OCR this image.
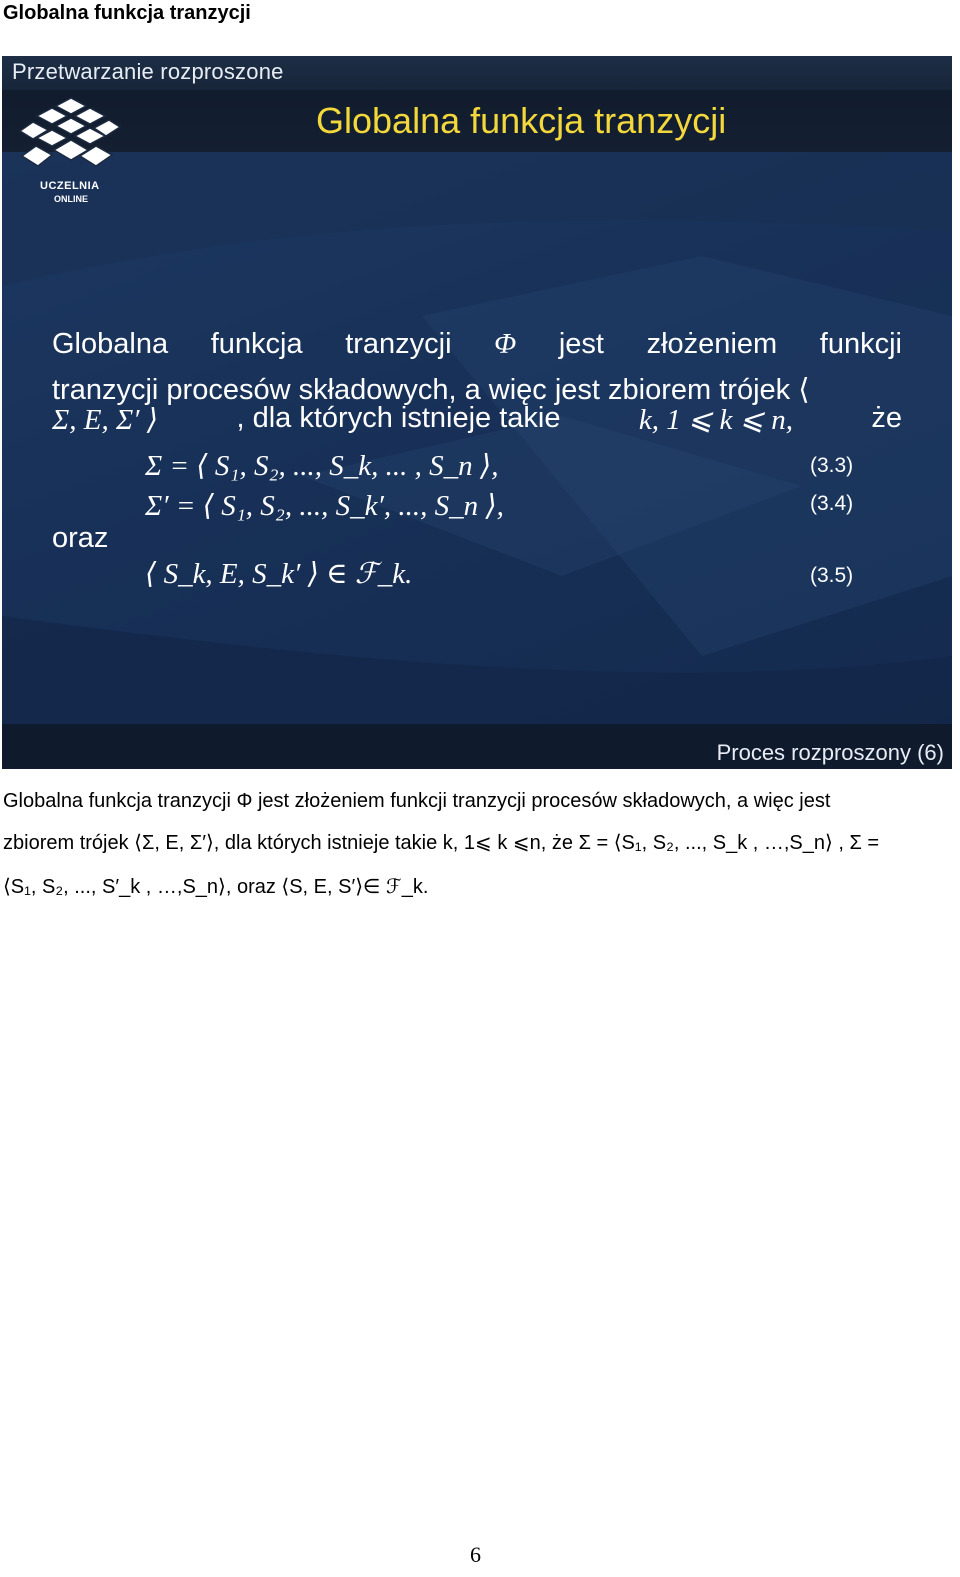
Globalna funkcja tranzycji
Przetwarzanie rozproszone
Globalna funkcja tranzycji
UCZELNIA
ONLINE
Globalna funkcja tranzycji Φ jest złożeniem funkcji
tranzycji procesów składowych, a więc jest zbiorem trójek ⟨
Σ, E, Σ′ ⟩	, dla których istnieje takie	k, 1 ⩽ k ⩽ n,	że
Σ = ⟨ S₁, S₂, ..., S_k, ... , S_n ⟩,	(3.3)
Σ′ = ⟨ S₁, S₂, ..., S_k′, ..., S_n ⟩,	(3.4)
oraz
⟨ S_k, E, S_k′ ⟩ ∈ ℱ_k.	(3.5)
Proces rozproszony (6)
Globalna funkcja tranzycji Φ jest złożeniem funkcji tranzycji procesów składowych, a więc jest
zbiorem trójek ⟨Σ, E, Σ′⟩, dla których istnieje takie k, 1⩽ k ⩽n, że Σ = ⟨S₁, S₂, ..., S_k , …,S_n⟩ , Σ =
⟨S₁, S₂, ..., S′_k , …,S_n⟩, oraz ⟨S, E, S′⟩∈ ℱ_k.
6
